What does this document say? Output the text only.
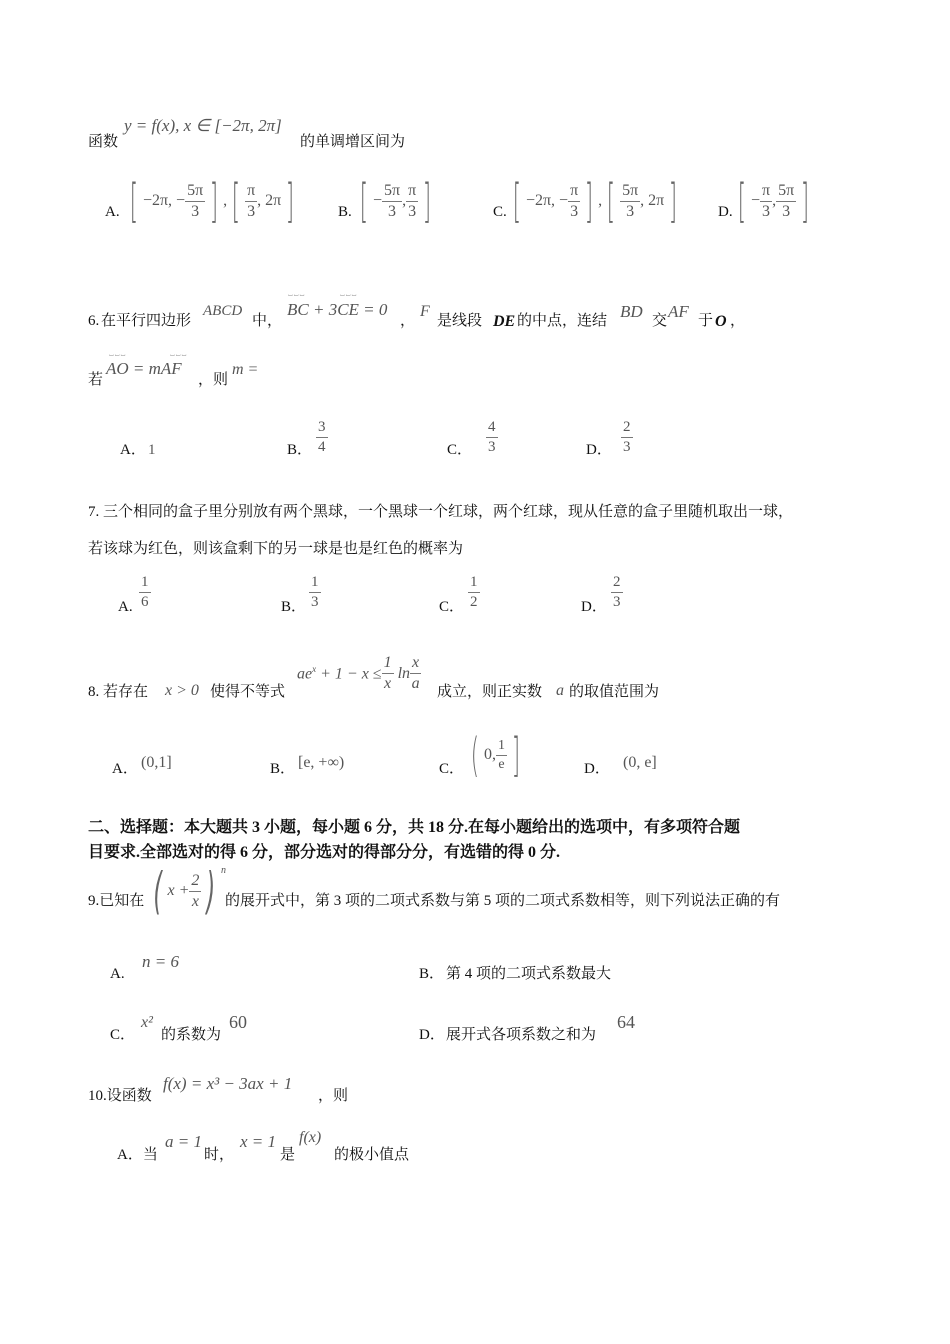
函数
y = f(x), x ∈ [−2π, 2π]
的单调增区间为
A. [ −2π, − $\frac{5\pi}{3}$ ] , [ $\frac{\pi}{3}$ , 2π ]	B. [ − $\frac{5\pi}{3}$ , $\frac{\pi}{3}$ ]	C. [ −2π, − $\frac{\pi}{3}$ ] , [ $\frac{5\pi}{3}$ , 2π ]	D. [ − $\frac{\pi}{3}$ , $\frac{5\pi}{3}$ ]
6. 在平行四边形
ABCD
中，
⌴⌴⌴	⌴⌴⌴
BC + 3CE = 0
，
F
是线段 DE 的中点，连结 BD 交 AF 于 O ，
若
⌴⌴⌴	⌴⌴⌴
AO = mAF
，则
m =
A． 1	B． $\frac{3}{4}$	C． $\frac{4}{3}$	D． $\frac{2}{3}$
7. 三个相同的盒子里分别放有两个黑球，一个黑球一个红球，两个红球，现从任意的盒子里随机取出一球，
若该球为红色，则该盒剩下的另一球是也是红色的概率为
A. $\frac{1}{6}$	B． $\frac{1}{3}$	C． $\frac{1}{2}$	D． $\frac{2}{3}$
8. 若存在 x > 0 使得不等式
$ae^x + 1 - x \le \frac{1}{x}$ $\ln \frac{x}{a}$ 成立，则正实数 a 的取值范围为
A． (0,1]	B． [e, +∞)	C． ( 0, $\frac{1}{e}$ ]	D． (0, e]
二、选择题：本大题共 3 小题，每小题 6 分，共 18 分.在每小题给出的选项中，有多项符合题
目要求.全部选对的得 6 分，部分选对的得部分分，有选错的得 0 分.
9.已知在 ( $x + \frac{2}{x}$ ) n
的展开式中，第 3 项的二项式系数与第 5 项的二项式系数相等，则下列说法正确的有
A.
n = 6
B． 第 4 项的二项式系数最大
C．
x²
的系数为
60
D． 展开式各项系数之和为
64
10.设函数
f(x) = x³ − 3ax + 1
，则
A．当
a = 1
时，
x = 1
是
f(x)
的极小值点
